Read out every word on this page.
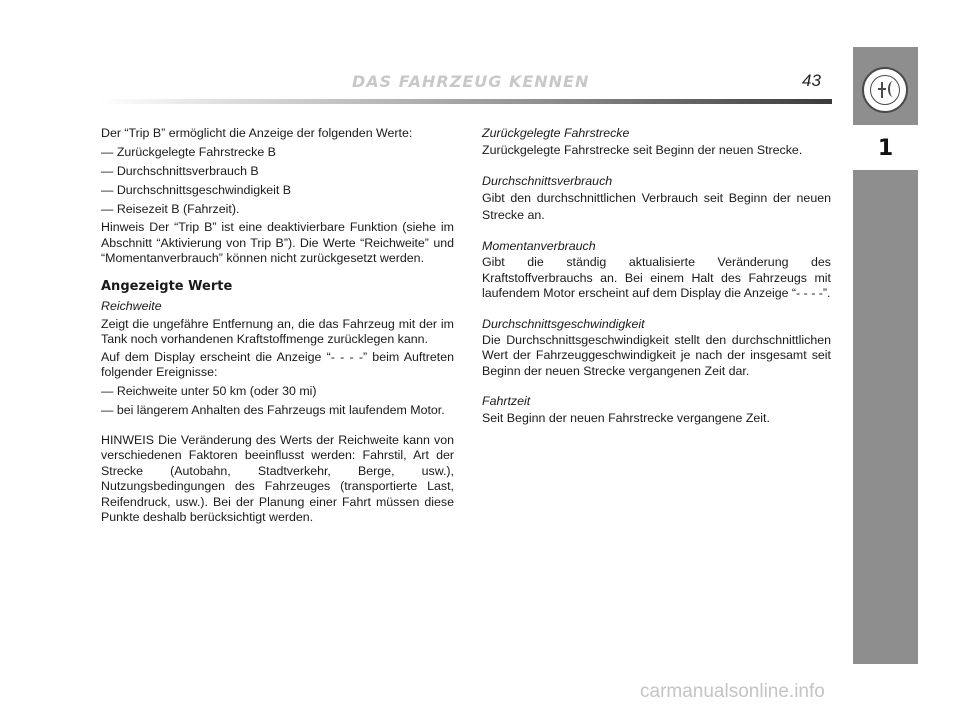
DAS FAHRZEUG KENNEN	43
1

Der “Trip B” ermöglicht die Anzeige der folgenden Werte:

— Zurückgelegte Fahrstrecke B

— Durchschnittsverbrauch B

— Durchschnittsgeschwindigkeit B

— Reisezeit B (Fahrzeit).

Hinweis Der “Trip B” ist eine deaktivierbare Funktion (siehe im Abschnitt “Aktivierung von Trip B”). Die Werte “Reichweite” und “Momentanverbrauch” können nicht zurückgesetzt werden.

Angezeigte Werte

Reichweite

Zeigt die ungefähre Entfernung an, die das Fahrzeug mit der im Tank noch vorhandenen Kraftstoffmenge zurücklegen kann.

Auf dem Display erscheint die Anzeige “- - - -” beim Auftreten folgender Ereignisse:

— Reichweite unter 50 km (oder 30 mi)

— bei längerem Anhalten des Fahrzeugs mit laufendem Motor.

HINWEIS Die Veränderung des Werts der Reichweite kann von verschiedenen Faktoren beeinflusst werden: Fahrstil, Art der Strecke (Autobahn, Stadtverkehr, Berge, usw.), Nutzungsbedingungen des Fahrzeuges (transportierte Last, Reifendruck, usw.). Bei der Planung einer Fahrt müssen diese Punkte deshalb berücksichtigt werden.

Zurückgelegte Fahrstrecke

Zurückgelegte Fahrstrecke seit Beginn der neuen Strecke.

Durchschnittsverbrauch

Gibt den durchschnittlichen Verbrauch seit Beginn der neuen Strecke an.

Momentanverbrauch

Gibt die ständig aktualisierte Veränderung des Kraftstoffverbrauchs an. Bei einem Halt des Fahrzeugs mit laufendem Motor erscheint auf dem Display die Anzeige “- - - -”.

Durchschnittsgeschwindigkeit

Die Durchschnittsgeschwindigkeit stellt den durchschnittlichen Wert der Fahrzeuggeschwindigkeit je nach der insgesamt seit Beginn der neuen Strecke vergangenen Zeit dar.

Fahrtzeit

Seit Beginn der neuen Fahrstrecke vergangene Zeit.

carmanualsonline.info
